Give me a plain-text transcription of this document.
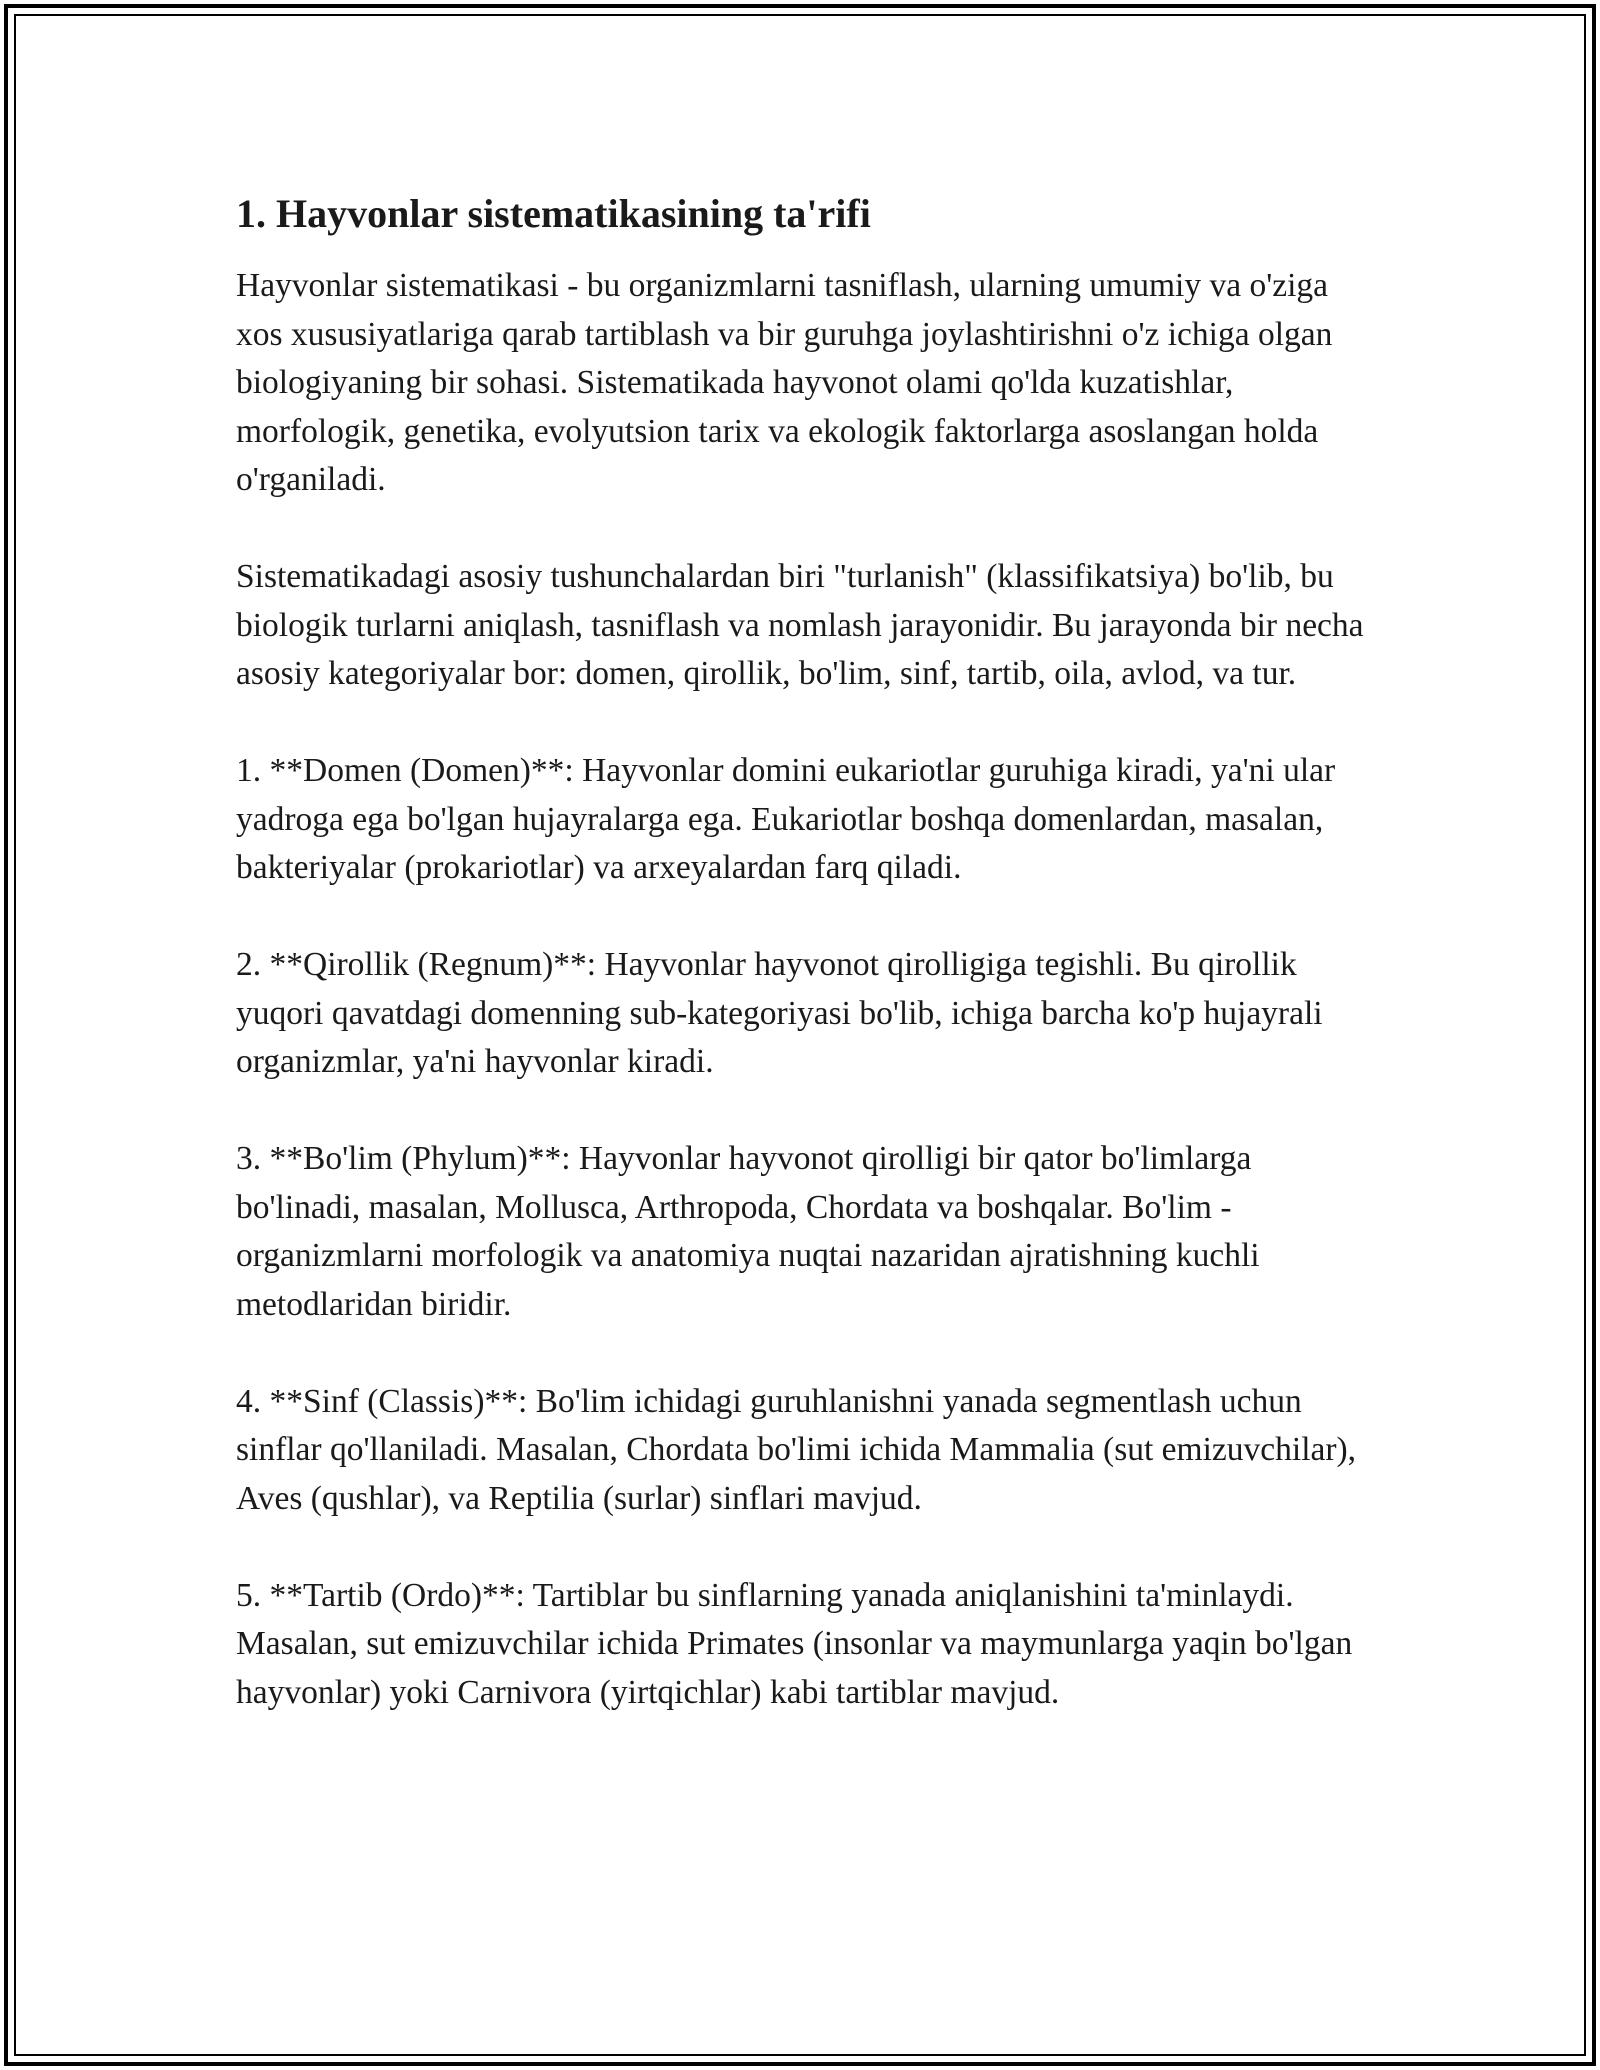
1. Hayvonlar sistematikasining ta'rifi

Hayvonlar sistematikasi - bu organizmlarni tasniflash, ularning umumiy va o'ziga xos xususiyatlariga qarab tartiblash va bir guruhga joylashtirishni o'z ichiga olgan biologiyaning bir sohasi. Sistematikada hayvonot olami qo'lda kuzatishlar, morfologik, genetika, evolyutsion tarix va ekologik faktorlarga asoslangan holda o'rganiladi.

Sistematikadagi asosiy tushunchalardan biri "turlanish" (klassifikatsiya) bo'lib, bu biologik turlarni aniqlash, tasniflash va nomlash jarayonidir. Bu jarayonda bir necha asosiy kategoriyalar bor: domen, qirollik, bo'lim, sinf, tartib, oila, avlod, va tur.

1. **Domen (Domen)**: Hayvonlar domini eukariotlar guruhiga kiradi, ya'ni ular yadroga ega bo'lgan hujayralarga ega. Eukariotlar boshqa domenlardan, masalan, bakteriyalar (prokariotlar) va arxeyalardan farq qiladi.

2. **Qirollik (Regnum)**: Hayvonlar hayvonot qirolligiga tegishli. Bu qirollik yuqori qavatdagi domenning sub-kategoriyasi bo'lib, ichiga barcha ko'p hujayrali organizmlar, ya'ni hayvonlar kiradi.

3. **Bo'lim (Phylum)**: Hayvonlar hayvonot qirolligi bir qator bo'limlarga bo'linadi, masalan, Mollusca, Arthropoda, Chordata va boshqalar. Bo'lim - organizmlarni morfologik va anatomiya nuqtai nazaridan ajratishning kuchli metodlaridan biridir.

4. **Sinf (Classis)**: Bo'lim ichidagi guruhlanishni yanada segmentlash uchun sinflar qo'llaniladi. Masalan, Chordata bo'limi ichida Mammalia (sut emizuvchilar), Aves (qushlar), va Reptilia (surlar) sinflari mavjud.

5. **Tartib (Ordo)**: Tartiblar bu sinflarning yanada aniqlanishini ta'minlaydi. Masalan, sut emizuvchilar ichida Primates (insonlar va maymunlarga yaqin bo'lgan hayvonlar) yoki Carnivora (yirtqichlar) kabi tartiblar mavjud.
